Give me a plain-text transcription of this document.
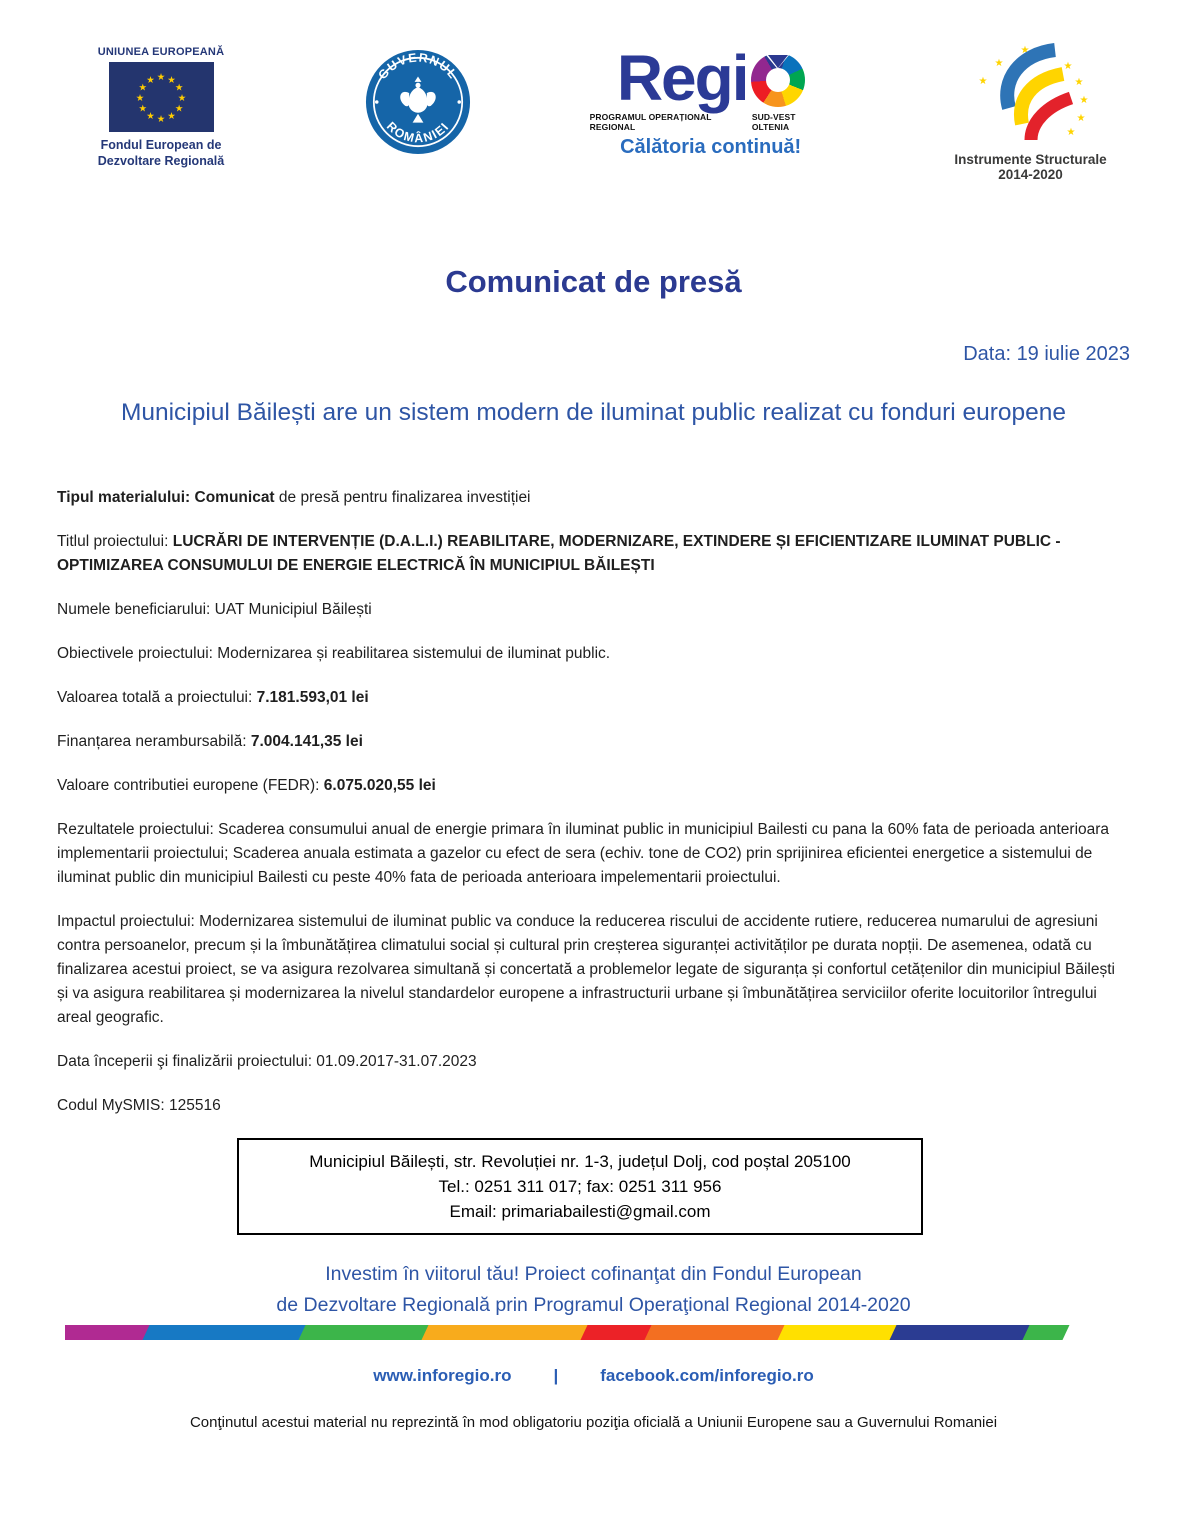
UNIUNEA EUROPEANĂ
★ ★
★
★
★
★
★
★
★
★
★
★
Fondul European de
Dezvoltare Regională
GUVERNUL
ROMÂNIEI
Regi
PROGRAMUL OPERAȚIONAL REGIONAL
SUD-VEST OLTENIA
Călătoria continuă!
★
★
★ ★
★
★
★
★
★
Instrumente Structurale
2014-2020
Comunicat de presă
Data: 19 iulie 2023
Municipiul Băilești are un sistem modern de iluminat public realizat cu fonduri europene

Tipul materialului: Comunicat de presă pentru finalizarea investiției

Titlul proiectului: LUCRĂRI DE INTERVENȚIE (D.A.L.I.) REABILITARE, MODERNIZARE, EXTINDERE ȘI EFICIENTIZARE ILUMINAT PUBLIC - OPTIMIZAREA CONSUMULUI DE ENERGIE ELECTRICĂ ÎN MUNICIPIUL BĂILEȘTI

Numele beneficiarului: UAT Municipiul Băilești

Obiectivele proiectului: Modernizarea și reabilitarea sistemului de iluminat public.

Valoarea totală a proiectului: 7.181.593,01 lei

Finanțarea nerambursabilă: 7.004.141,35 lei

Valoare contributiei europene (FEDR): 6.075.020,55 lei

Rezultatele proiectului: Scaderea consumului anual de energie primara în iluminat public in municipiul Bailesti cu pana la 60% fata de perioada anterioara implementarii proiectului; Scaderea anuala estimata a gazelor cu efect de sera (echiv. tone de CO2) prin sprijinirea eficientei energetice a sistemului de iluminat public din municipiul Bailesti cu peste 40% fata de perioada anterioara impelementarii proiectului.

Impactul proiectului: Modernizarea sistemului de iluminat public va conduce la reducerea riscului de accidente rutiere, reducerea numarului de agresiuni contra persoanelor, precum și la îmbunătățirea climatului social și cultural prin creșterea siguranței activităților pe durata nopții. De asemenea, odată cu finalizarea acestui proiect, se va asigura rezolvarea simultană și concertată a problemelor legate de siguranța și confortul cetățenilor din municipiul Băilești și va asigura reabilitarea și modernizarea la nivelul standardelor europene a infrastructurii urbane și îmbunătățirea serviciilor oferite locuitorilor întregului areal geografic.

Data începerii şi finalizării proiectului: 01.09.2017-31.07.2023

Codul MySMIS: 125516

Municipiul Băilești, str. Revoluției nr. 1-3, județul Dolj, cod poștal 205100
Tel.: 0251 311 017; fax: 0251 311 956
Email: primariabailesti@gmail.com
Investim în viitorul tău! Proiect cofinanţat din Fondul European
de Dezvoltare Regională prin Programul Operaţional Regional 2014-2020
www.inforegio.ro | facebook.com/inforegio.ro
Conţinutul acestui material nu reprezintă în mod obligatoriu poziţia oficială a Uniunii Europene sau a Guvernului Romaniei
